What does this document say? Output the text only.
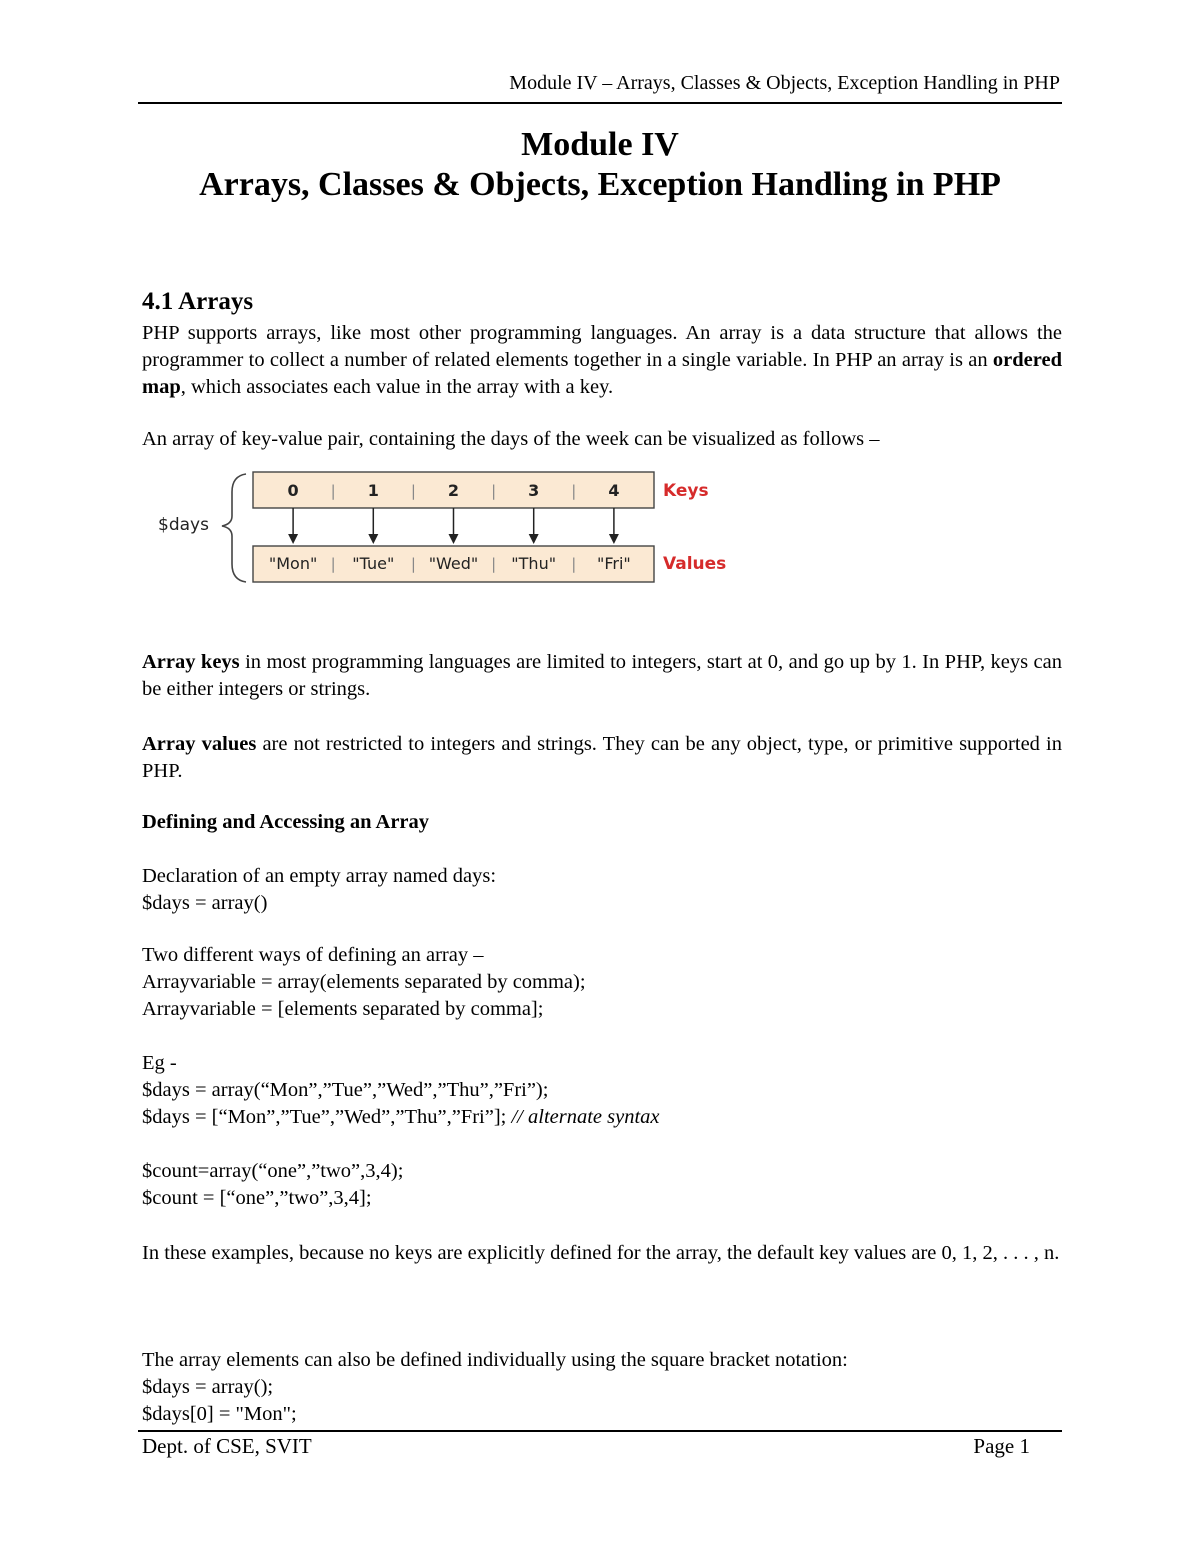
Module IV – Arrays, Classes & Objects, Exception Handling in PHP
Module IV
Arrays, Classes & Objects, Exception Handling in PHP
4.1 Arrays
PHP supports arrays, like most other programming languages. An array is a data structure that allows the programmer to collect a number of related elements together in a single variable. In PHP an array is an ordered map, which associates each value in the array with a key.
An array of key-value pair, containing the days of the week can be visualized as follows –
$days
0	1
|	2
|	3
|	4
|
"Mon" "Tue"
|	"Wed"
|	"Thu"
|	"Fri"
|
Keys
Values
Array keys in most programming languages are limited to integers, start at 0, and go up by 1. In PHP, keys can be either integers or strings.
Array values are not restricted to integers and strings. They can be any object, type, or primitive supported in PHP.
Defining and Accessing an Array
Declaration of an empty array named days:
$days = array()
Two different ways of defining an array –
Arrayvariable = array(elements separated by comma);
Arrayvariable = [elements separated by comma];
Eg -
$days = array(“Mon”,”Tue”,”Wed”,”Thu”,”Fri”);
$days = [“Mon”,”Tue”,”Wed”,”Thu”,”Fri”]; // alternate syntax
$count=array(“one”,”two”,3,4);
$count = [“one”,”two”,3,4];
In these examples, because no keys are explicitly defined for the array, the default key values are 0, 1, 2, . . . , n.
The array elements can also be defined individually using the square bracket notation:
$days = array();
$days[0] = "Mon";
Dept. of CSE, SVIT	Page 1
